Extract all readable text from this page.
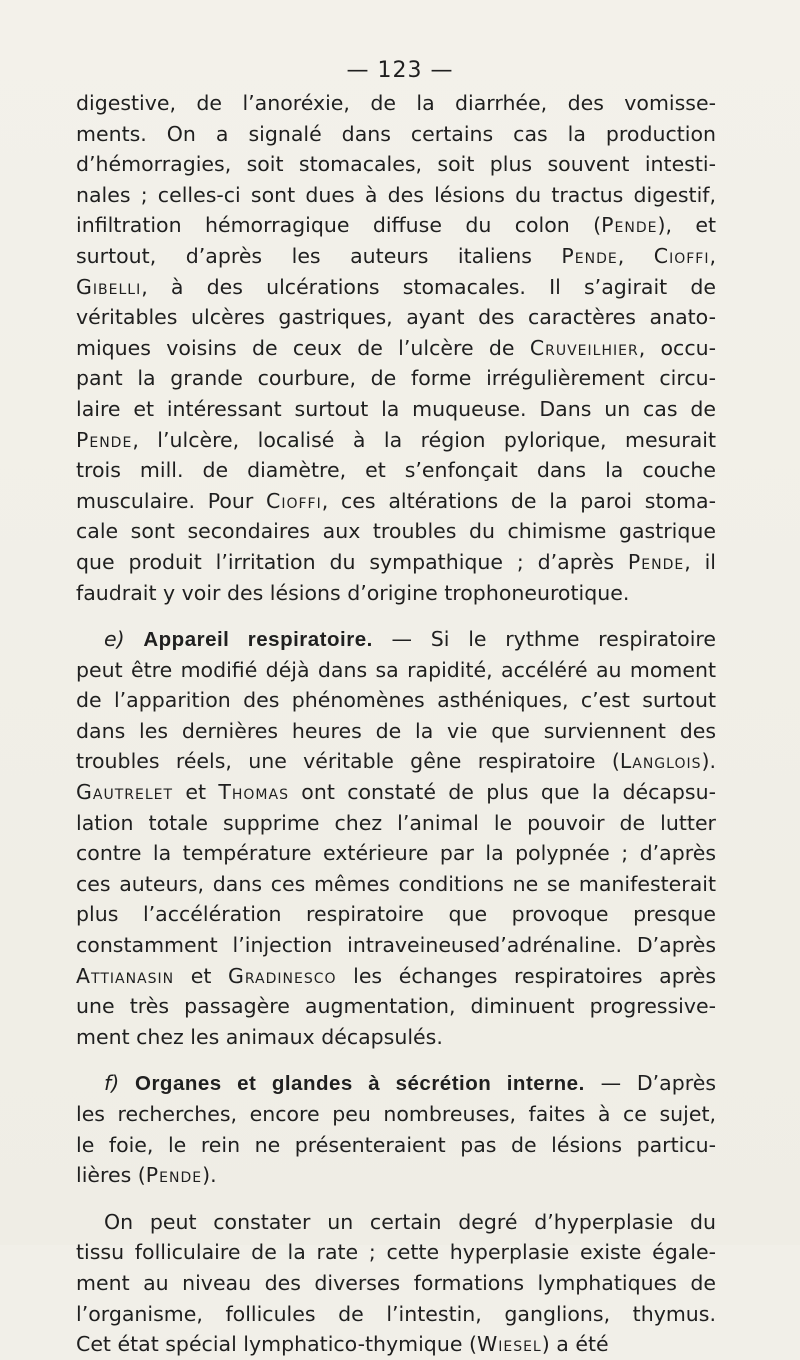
— 123 —
digestive, de l’anoréxie, de la diarrhée, des vomisse-
ments. On a signalé dans certains cas la production
d’hémorragies, soit stomacales, soit plus souvent intesti-
nales ; celles-ci sont dues à des lésions du tractus digestif,
infiltration hémorragique diffuse du colon (Pende), et
surtout, d’après les auteurs italiens Pende, Cioffi,
Gibelli, à des ulcérations stomacales. Il s’agirait de
véritables ulcères gastriques, ayant des caractères anato-
miques voisins de ceux de l’ulcère de Cruveilhier, occu-
pant la grande courbure, de forme irrégulièrement circu-
laire et intéressant surtout la muqueuse. Dans un cas de
Pende, l’ulcère, localisé à la région pylorique, mesurait
trois mill. de diamètre, et s’enfonçait dans la couche
musculaire. Pour Cioffi, ces altérations de la paroi stoma-
cale sont secondaires aux troubles du chimisme gastrique
que produit l’irritation du sympathique ; d’après Pende, il
faudrait y voir des lésions d’origine trophoneurotique.
e) Appareil respiratoire. — Si le rythme respiratoire
peut être modifié déjà dans sa rapidité, accéléré au moment
de l’apparition des phénomènes asthéniques, c’est surtout
dans les dernières heures de la vie que surviennent des
troubles réels, une véritable gêne respiratoire (Langlois).
Gautrelet et Thomas ont constaté de plus que la décapsu-
lation totale supprime chez l’animal le pouvoir de lutter
contre la température extérieure par la polypnée ; d’après
ces auteurs, dans ces mêmes conditions ne se manifesterait
plus l’accélération respiratoire que provoque presque
constamment l’injection intraveineused’adrénaline. D’après
Attianasin et Gradinesco les échanges respiratoires après
une très passagère augmentation, diminuent progressive-
ment chez les animaux décapsulés.
f) Organes et glandes à sécrétion interne. — D’après
les recherches, encore peu nombreuses, faites à ce sujet,
le foie, le rein ne présenteraient pas de lésions particu-
lières (Pende).
On peut constater un certain degré d’hyperplasie du
tissu folliculaire de la rate ; cette hyperplasie existe égale-
ment au niveau des diverses formations lymphatiques de
l’organisme, follicules de l’intestin, ganglions, thymus.
Cet état spécial lymphatico-thymique (Wiesel) a été
